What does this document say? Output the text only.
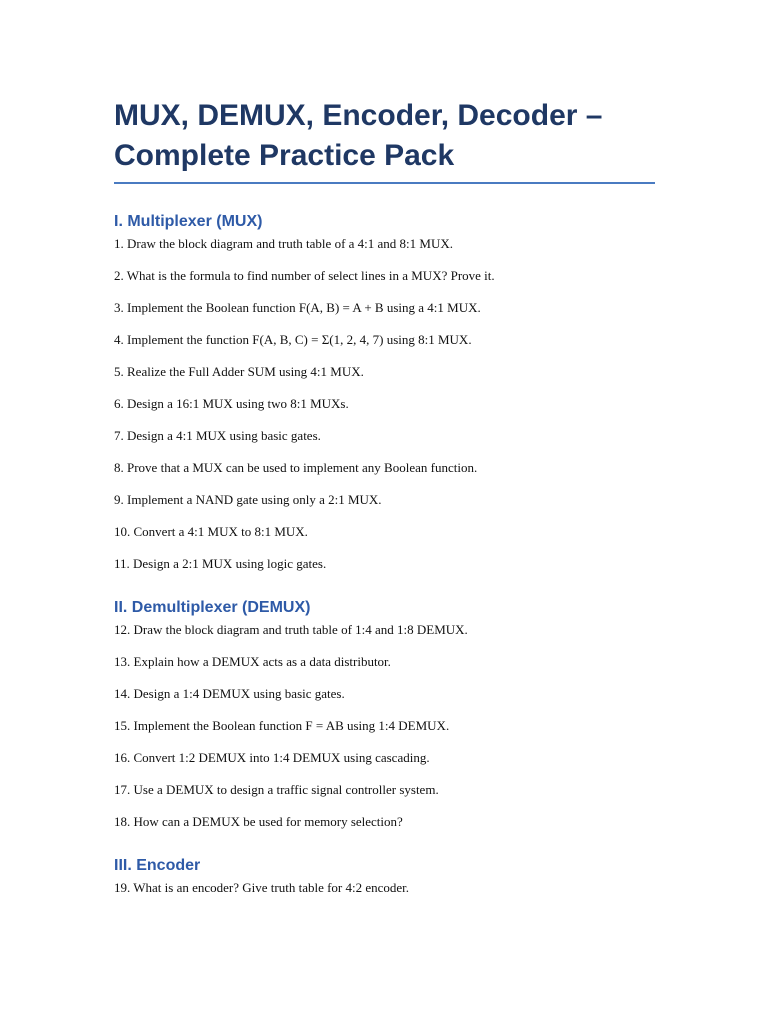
MUX, DEMUX, Encoder, Decoder – Complete Practice Pack
I. Multiplexer (MUX)
1. Draw the block diagram and truth table of a 4:1 and 8:1 MUX.
2. What is the formula to find number of select lines in a MUX? Prove it.
3. Implement the Boolean function F(A, B) = A + B using a 4:1 MUX.
4. Implement the function F(A, B, C) = Σ(1, 2, 4, 7) using 8:1 MUX.
5. Realize the Full Adder SUM using 4:1 MUX.
6. Design a 16:1 MUX using two 8:1 MUXs.
7. Design a 4:1 MUX using basic gates.
8. Prove that a MUX can be used to implement any Boolean function.
9. Implement a NAND gate using only a 2:1 MUX.
10. Convert a 4:1 MUX to 8:1 MUX.
11. Design a 2:1 MUX using logic gates.
II. Demultiplexer (DEMUX)
12. Draw the block diagram and truth table of 1:4 and 1:8 DEMUX.
13. Explain how a DEMUX acts as a data distributor.
14. Design a 1:4 DEMUX using basic gates.
15. Implement the Boolean function F = AB using 1:4 DEMUX.
16. Convert 1:2 DEMUX into 1:4 DEMUX using cascading.
17. Use a DEMUX to design a traffic signal controller system.
18. How can a DEMUX be used for memory selection?
III. Encoder
19. What is an encoder? Give truth table for 4:2 encoder.
